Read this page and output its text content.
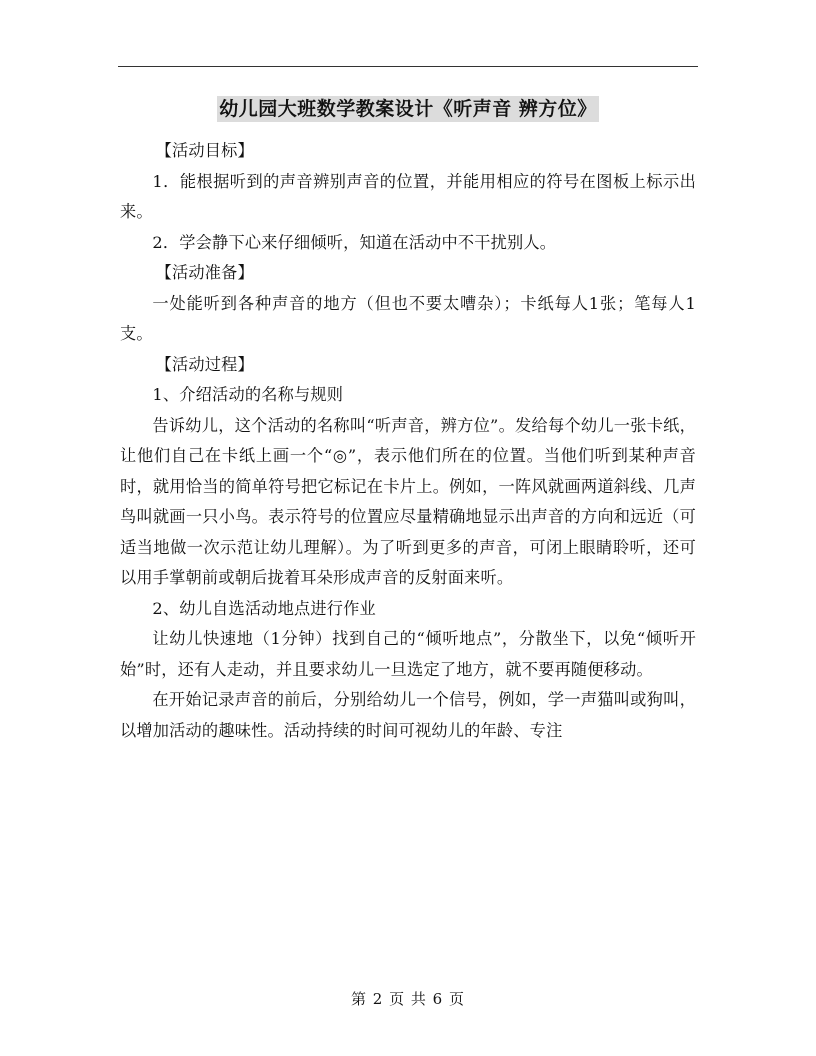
幼儿园大班数学教案设计《听声音 辨方位》

【活动目标】

1．能根据听到的声音辨别声音的位置，并能用相应的符号在图板上标示出来。

2．学会静下心来仔细倾听，知道在活动中不干扰别人。

【活动准备】

一处能听到各种声音的地方（但也不要太嘈杂）；卡纸每人1张；笔每人1支。

【活动过程】

1、介绍活动的名称与规则

告诉幼儿，这个活动的名称叫“听声音，辨方位”。发给每个幼儿一张卡纸，让他们自己在卡纸上画一个“◎”，表示他们所在的位置。当他们听到某种声音时，就用恰当的简单符号把它标记在卡片上。例如，一阵风就画两道斜线、几声鸟叫就画一只小鸟。表示符号的位置应尽量精确地显示出声音的方向和远近（可适当地做一次示范让幼儿理解）。为了听到更多的声音，可闭上眼睛聆听，还可以用手掌朝前或朝后拢着耳朵形成声音的反射面来听。

2、幼儿自选活动地点进行作业

让幼儿快速地（1分钟）找到自己的“倾听地点”，分散坐下，以免“倾听开始”时，还有人走动，并且要求幼儿一旦选定了地方，就不要再随便移动。

在开始记录声音的前后，分别给幼儿一个信号，例如，学一声猫叫或狗叫，以增加活动的趣味性。活动持续的时间可视幼儿的年龄、专注

第 2 页 共 6 页
